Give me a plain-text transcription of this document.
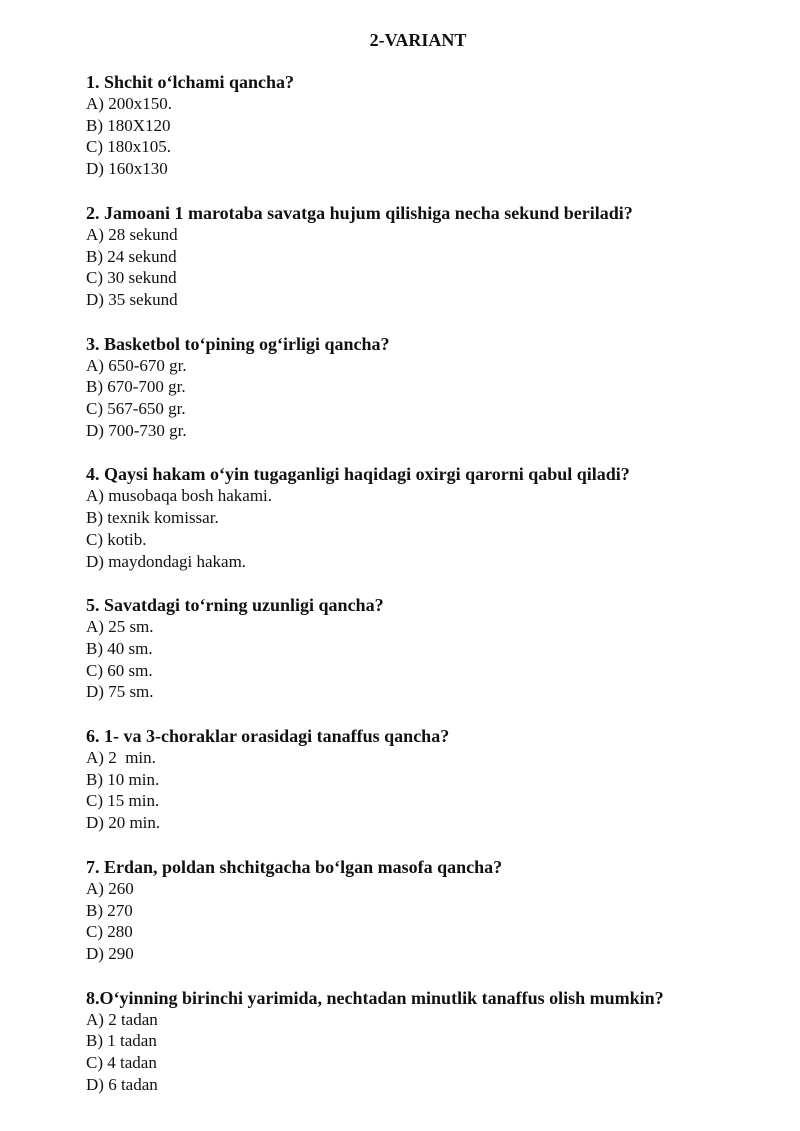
2-VARIANT
1. Shchit o‘lchami qancha?
A) 200x150.
B) 180X120
C) 180x105.
D) 160x130
2. Jamoani 1 marotaba savatga hujum qilishiga necha sekund beriladi?
A) 28 sekund
B) 24 sekund
C) 30 sekund
D) 35 sekund
3. Basketbol to‘pining og‘irligi qancha?
A) 650-670 gr.
B) 670-700 gr.
C) 567-650 gr.
D) 700-730 gr.
4. Qaysi hakam o‘yin tugaganligi haqidagi oxirgi qarorni qabul qiladi?
A) musobaqa bosh hakami.
B) texnik komissar.
C) kotib.
D) maydondagi hakam.
5. Savatdagi to‘rning uzunligi qancha?
A) 25 sm.
B) 40 sm.
C) 60 sm.
D) 75 sm.
6. 1- va 3-choraklar orasidagi tanaffus qancha?
A) 2  min.
B) 10 min.
C) 15 min.
D) 20 min.
7. Erdan, poldan shchitgacha bo‘lgan masofa qancha?
A) 260
B) 270
C) 280
D) 290
8.O‘yinning birinchi yarimida, nechtadan minutlik tanaffus olish mumkin?
A) 2 tadan
B) 1 tadan
C) 4 tadan
D) 6 tadan
